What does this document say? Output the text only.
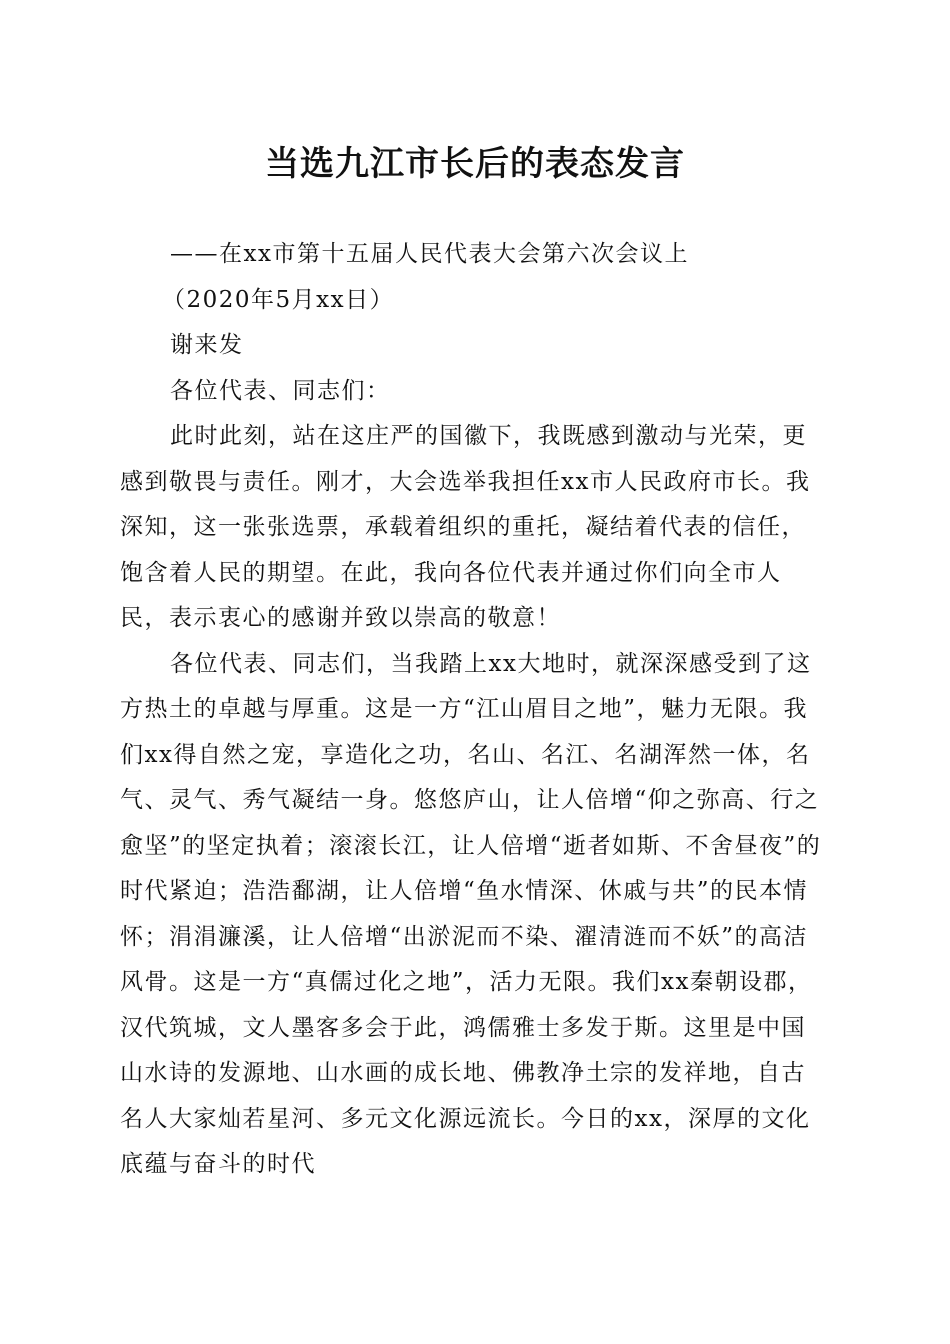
当选九江市长后的表态发言

——在xx市第十五届人民代表大会第六次会议上

（2020年5月xx日）

谢来发

各位代表、同志们：

此时此刻，站在这庄严的国徽下，我既感到激动与光荣，更感到敬畏与责任。刚才，大会选举我担任xx市人民政府市长。我深知，这一张张选票，承载着组织的重托，凝结着代表的信任，饱含着人民的期望。在此，我向各位代表并通过你们向全市人民，表示衷心的感谢并致以崇高的敬意！

各位代表、同志们，当我踏上xx大地时，就深深感受到了这方热土的卓越与厚重。这是一方“江山眉目之地”，魅力无限。我们xx得自然之宠，享造化之功，名山、名江、名湖浑然一体，名气、灵气、秀气凝结一身。悠悠庐山，让人倍增“仰之弥高、行之愈坚”的坚定执着；滚滚长江，让人倍增“逝者如斯、不舍昼夜”的时代紧迫；浩浩鄱湖，让人倍增“鱼水情深、休戚与共”的民本情怀；涓涓濂溪，让人倍增“出淤泥而不染、濯清涟而不妖”的高洁风骨。这是一方“真儒过化之地”，活力无限。我们xx秦朝设郡，汉代筑城，文人墨客多会于此，鸿儒雅士多发于斯。这里是中国山水诗的发源地、山水画的成长地、佛教净土宗的发祥地，自古名人大家灿若星河、多元文化源远流长。今日的xx，深厚的文化底蕴与奋斗的时代
